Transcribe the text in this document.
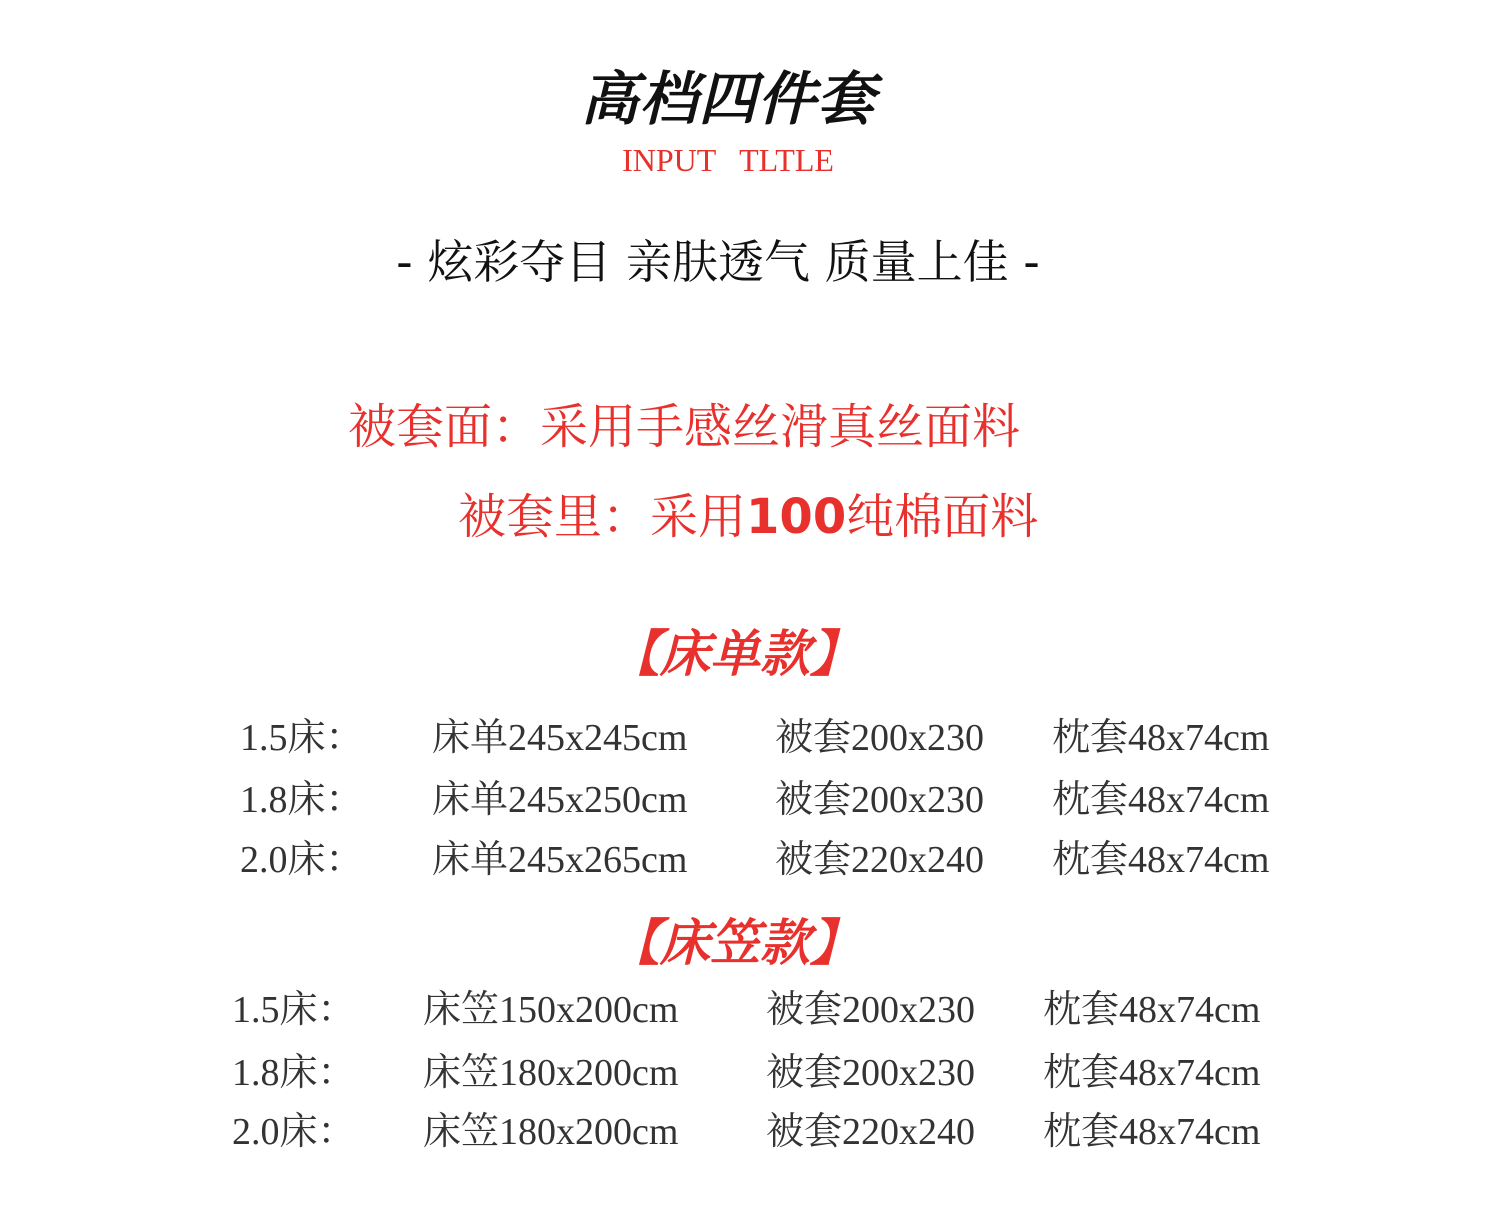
高档四件套
INPUT   TLTLE
- 炫彩夺目 亲肤透气 质量上佳 -
被套面：采用手感丝滑真丝面料
被套里：采用100纯棉面料
【床单款】

1.5床：

床单245x245cm

被套200x230

枕套48x74cm

1.8床：

床单245x250cm

被套200x230

枕套48x74cm

2.0床：

床单245x265cm

被套220x240

枕套48x74cm

【床笠款】

1.5床：

床笠150x200cm

被套200x230

枕套48x74cm

1.8床：

床笠180x200cm

被套200x230

枕套48x74cm

2.0床：

床笠180x200cm

被套220x240

枕套48x74cm
